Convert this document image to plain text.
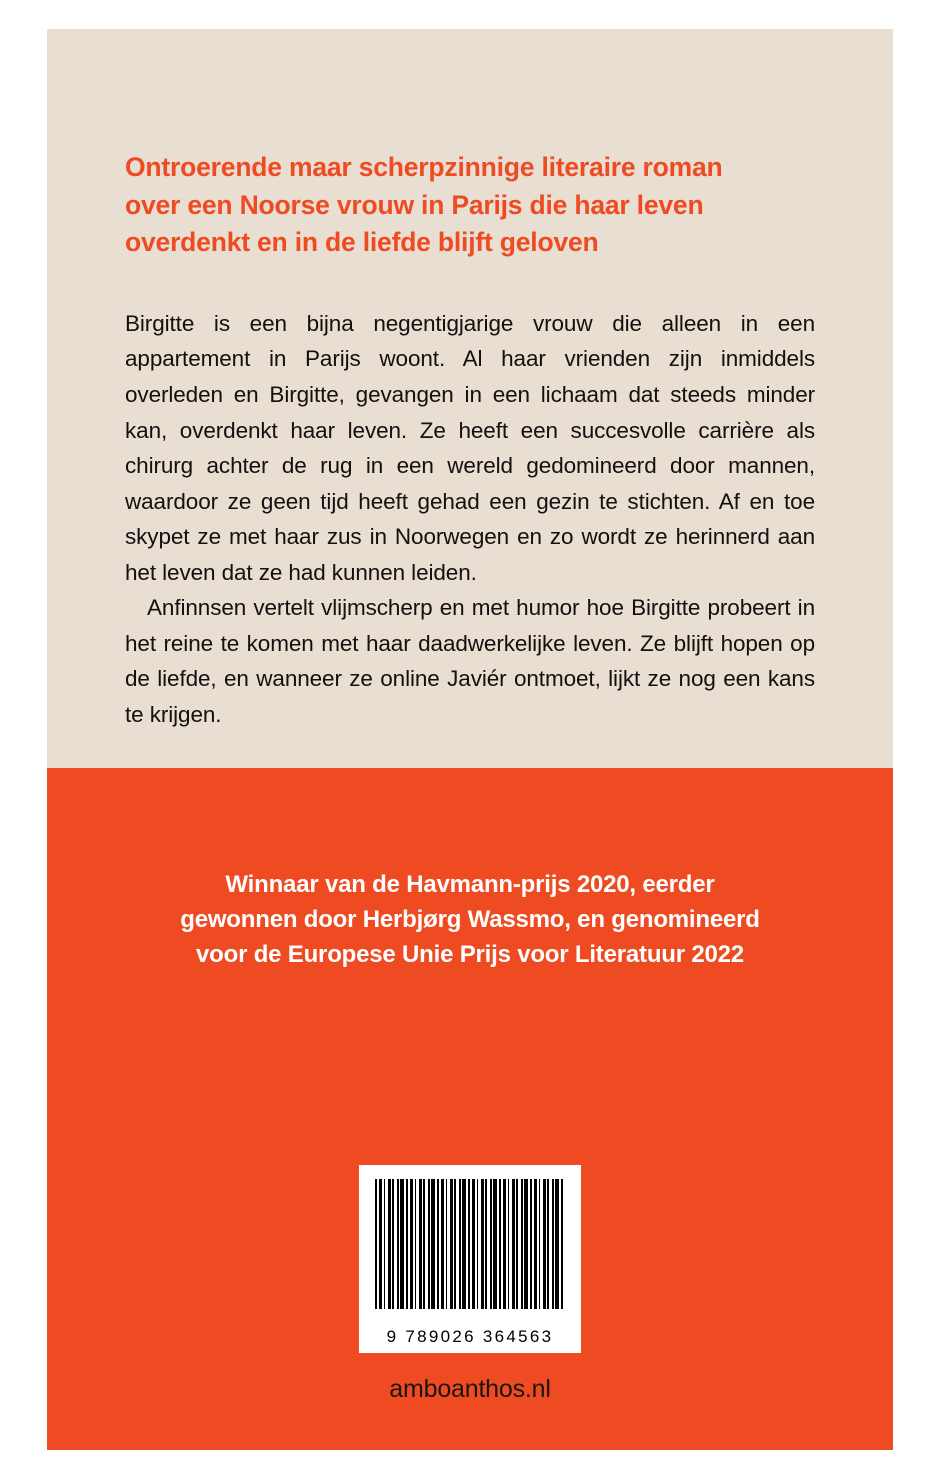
Ontroerende maar scherpzinnige literaire roman
over een Noorse vrouw in Parijs die haar leven
overdenkt en in de liefde blijft geloven

Birgitte is een bijna negentigjarige vrouw die alleen in een appartement in Parijs woont. Al haar vrienden zijn inmiddels overleden en Birgitte, gevangen in een lichaam dat steeds minder kan, overdenkt haar leven. Ze heeft een succesvolle carrière als chirurg achter de rug in een wereld gedomineerd door mannen, waardoor ze geen tijd heeft gehad een gezin te stichten. Af en toe skypet ze met haar zus in Noorwegen en zo wordt ze herinnerd aan het leven dat ze had kunnen leiden.

Anfinnsen vertelt vlijmscherp en met humor hoe Birgitte probeert in het reine te komen met haar daadwerkelijke leven. Ze blijft hopen op de liefde, en wanneer ze online Javiér ontmoet, lijkt ze nog een kans te krijgen.

Winnaar van de Havmann-prijs 2020, eerder
gewonnen door Herbjørg Wassmo, en genomineerd
voor de Europese Unie Prijs voor Literatuur 2022
9 789026 364563
amboanthos.nl
